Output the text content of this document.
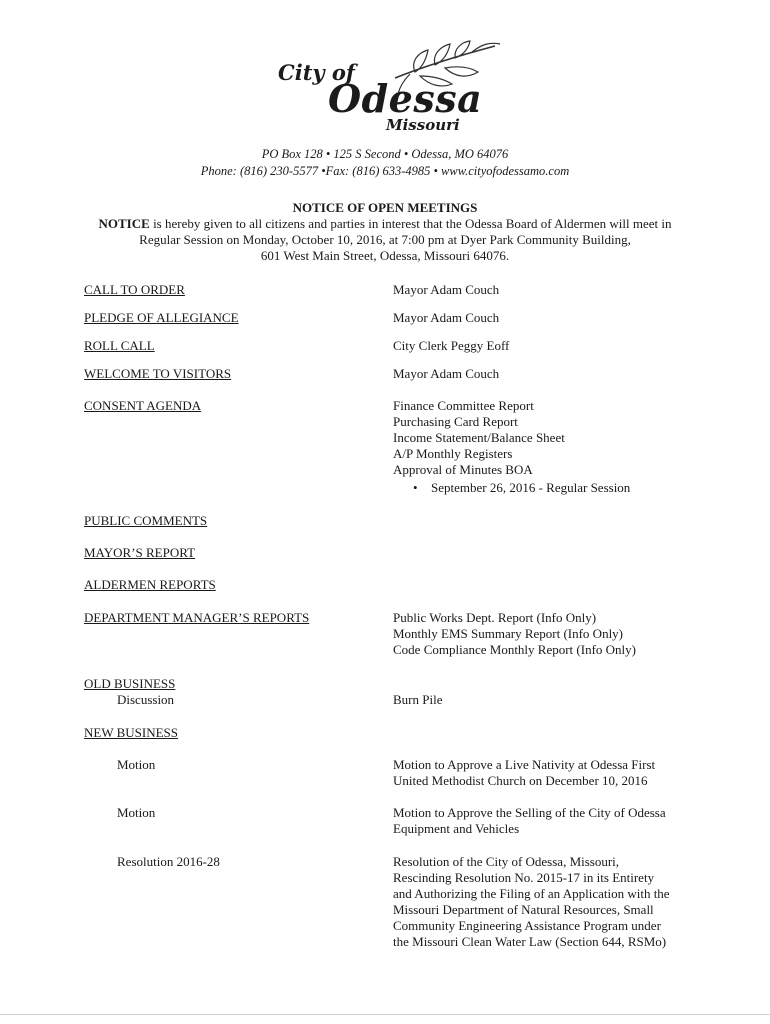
City of
Odessa
Missouri
PO Box 128 • 125 S Second • Odessa, MO 64076
Phone: (816) 230-5577 •Fax: (816) 633-4985 • www.cityofodessamo.com
NOTICE OF OPEN MEETINGS
NOTICE is hereby given to all citizens and parties in interest that the Odessa Board of Aldermen will meet in
Regular Session on Monday, October 10, 2016, at 7:00 pm at Dyer Park Community Building,
601 West Main Street, Odessa, Missouri 64076.
CALL TO ORDER	Mayor Adam Couch
PLEDGE OF ALLEGIANCE	Mayor Adam Couch
ROLL CALL	City Clerk Peggy Eoff
WELCOME TO VISITORS	Mayor Adam Couch
CONSENT AGENDA	Finance Committee Report
Purchasing Card Report
Income Statement/Balance Sheet
A/P Monthly Registers
Approval of Minutes BOA
• September 26, 2016 - Regular Session
PUBLIC COMMENTS
MAYOR’S REPORT
ALDERMEN REPORTS
DEPARTMENT MANAGER’S REPORTS	Public Works Dept. Report (Info Only)
Monthly EMS Summary Report (Info Only)
Code Compliance Monthly Report (Info Only)
OLD BUSINESS
Discussion	Burn Pile
NEW BUSINESS
Motion	Motion to Approve a Live Nativity at Odessa First
United Methodist Church on December 10, 2016
Motion	Motion to Approve the Selling of the City of Odessa
Equipment and Vehicles
Resolution 2016-28	Resolution of the City of Odessa, Missouri,
Rescinding Resolution No. 2015-17 in its Entirety
and Authorizing the Filing of an Application with the
Missouri Department of Natural Resources, Small
Community Engineering Assistance Program under
the Missouri Clean Water Law (Section 644, RSMo)
